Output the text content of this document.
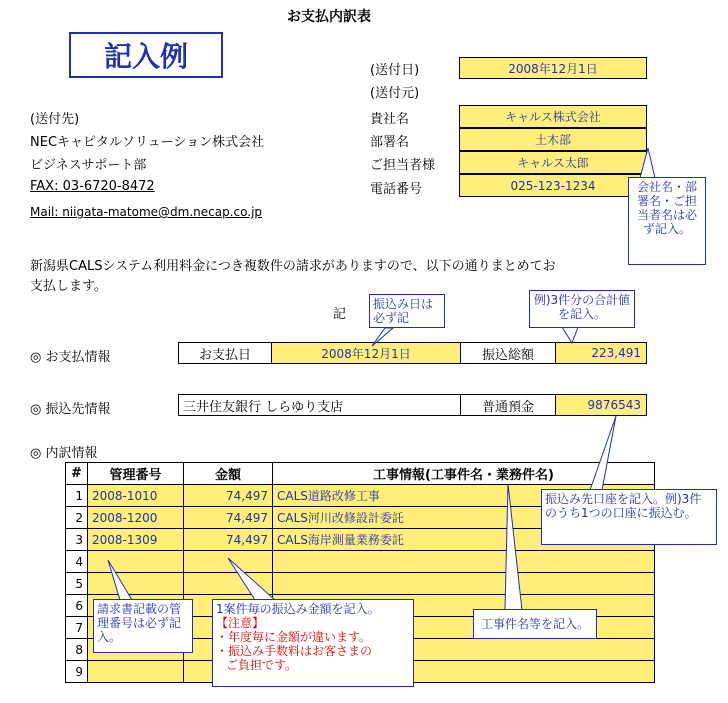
お支払内訳表
記入例	(送付日)	2008年12月1日
(送付元)
貴社名	キャルス株式会社
部署名	土木部
ご担当者様	キャルス太郎
電話番号	025-123-1234
(送付先)
NECキャピタルソリューション株式会社
ビジネスサポート部
FAX: 03-6720-8472
Mail: niigata-matome@dm.necap.co.jp
新潟県CALSシステム利用料金につき複数件の請求がありますので、以下の通りまとめてお
支払します。
記
◎ お支払情報	お支払日	2008年12月1日	振込総額	223,491
◎ 振込先情報	三井住友銀行 しらゆり支店	普通預金	9876543
◎ 内訳情報
#	管理番号	金額	工事情報(工事件名・業務件名)
1	2008-1010	74,497	CALS道路改修工事
2	2008-1200	74,497	CALS河川改修設計委託
3	2008-1309	74,497	CALS海岸測量業務委託
4			
5			
6			
7			
8			
9			
会社名・部署名・ご担当者名は必ず記入。
振込み日は必ず記
例)3件分の合計値を記入。
振込み先口座を記入。例)3件のうち1つの口座に振込む。
請求書記載の管理番号は必ず記入。
1案件毎の振込み金額を記入。
【注意】
・年度毎に金額が違います。
・振込み手数料はお客さまの
ご負担です。
工事件名等を記入。
